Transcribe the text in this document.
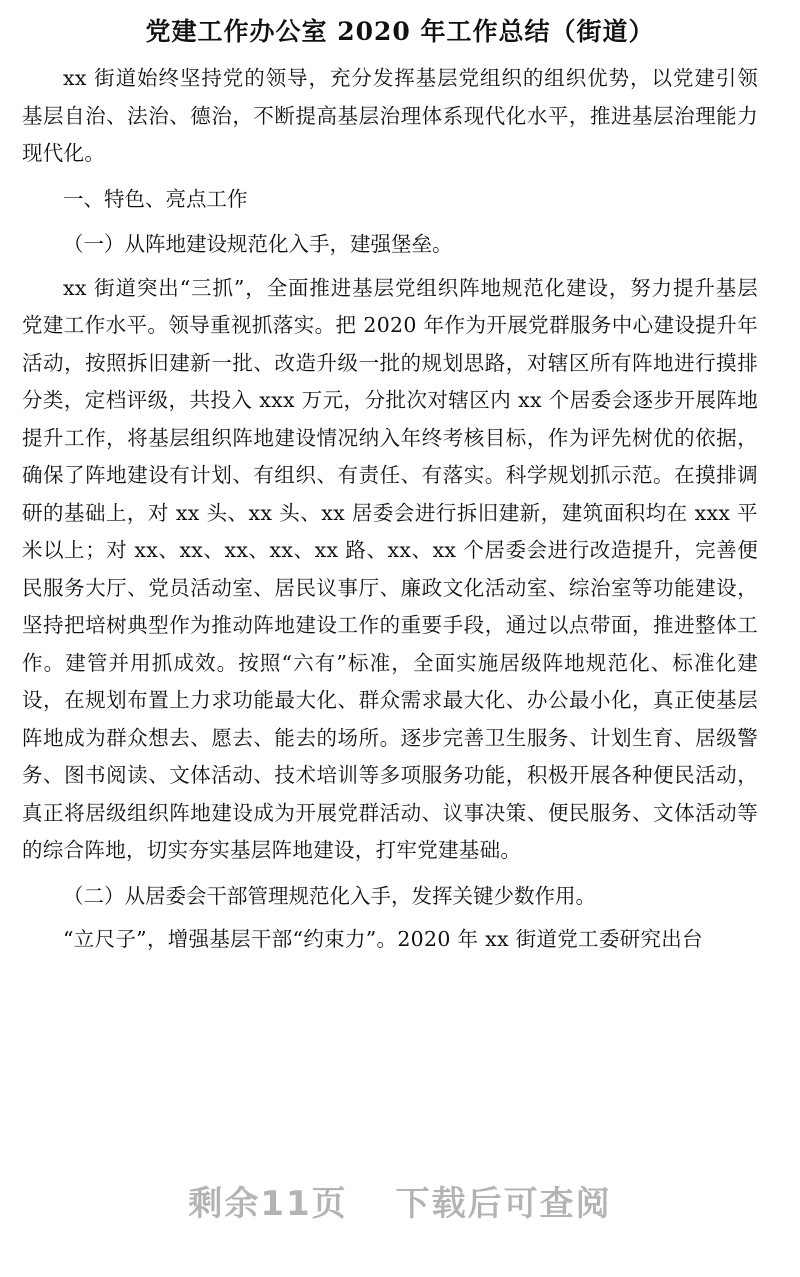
党建工作办公室 2020 年工作总结（街道）

xx 街道始终坚持党的领导，充分发挥基层党组织的组织优势，以党建引领基层自治、法治、德治，不断提高基层治理体系现代化水平，推进基层治理能力现代化。

一、特色、亮点工作

（一）从阵地建设规范化入手，建强堡垒。

xx 街道突出“三抓”，全面推进基层党组织阵地规范化建设，努力提升基层党建工作水平。领导重视抓落实。把 2020 年作为开展党群服务中心建设提升年活动，按照拆旧建新一批、改造升级一批的规划思路，对辖区所有阵地进行摸排分类，定档评级，共投入 xxx 万元，分批次对辖区内 xx 个居委会逐步开展阵地提升工作，将基层组织阵地建设情况纳入年终考核目标，作为评先树优的依据，确保了阵地建设有计划、有组织、有责任、有落实。科学规划抓示范。在摸排调研的基础上，对 xx 头、xx 头、xx 居委会进行拆旧建新，建筑面积均在 xxx 平米以上；对 xx、xx、xx、xx、xx 路、xx、xx 个居委会进行改造提升，完善便民服务大厅、党员活动室、居民议事厅、廉政文化活动室、综治室等功能建设，坚持把培树典型作为推动阵地建设工作的重要手段，通过以点带面，推进整体工作。建管并用抓成效。按照“六有”标准，全面实施居级阵地规范化、标准化建设，在规划布置上力求功能最大化、群众需求最大化、办公最小化，真正使基层阵地成为群众想去、愿去、能去的场所。逐步完善卫生服务、计划生育、居级警务、图书阅读、文体活动、技术培训等多项服务功能，积极开展各种便民活动，真正将居级组织阵地建设成为开展党群活动、议事决策、便民服务、文体活动等的综合阵地，切实夯实基层阵地建设，打牢党建基础。

（二）从居委会干部管理规范化入手，发挥关键少数作用。

“立尺子”，增强基层干部“约束力”。2020 年 xx 街道党工委研究出台

剩余11页 下载后可查阅
